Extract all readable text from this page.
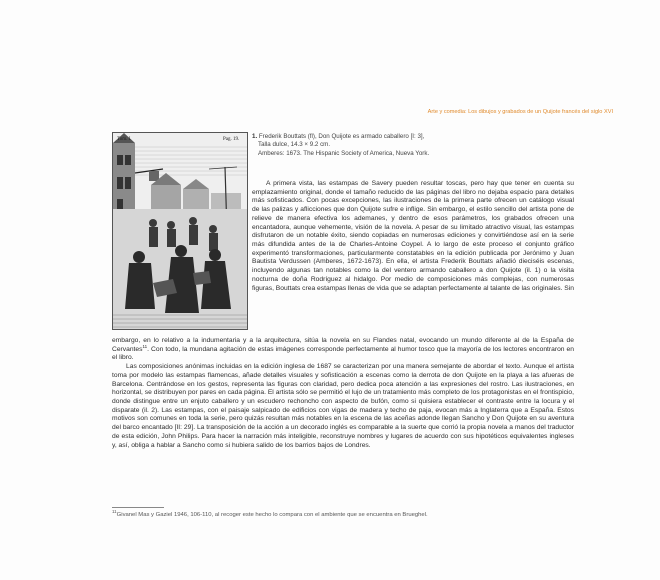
Arte y comedia: Los dibujos y grabados de un Quijote francés del siglo XVI
Tom. I.	Pag. 19. 1. Frederik Bouttats (fl), Don Quijote es armado caballero [I: 3],
Talla dulce, 14.3 × 9.2 cm.
Amberes: 1673. The Hispanic Society of America, Nueva York.

A primera vista, las estampas de Savery pueden resultar toscas, pero hay que tener en cuenta su emplazamiento original, donde el tamaño reducido de las páginas del libro no dejaba espacio para detalles más sofisticados. Con pocas excepciones, las ilustraciones de la primera parte ofrecen un catálogo visual de las palizas y aflicciones que don Quijote sufre e inflige. Sin embargo, el estilo sencillo del artista pone de relieve de manera efectiva los ademanes, y dentro de esos parámetros, los grabados ofrecen una encantadora, aunque vehemente, visión de la novela. A pesar de su limitado atractivo visual, las estampas disfrutaron de un notable éxito, siendo copiadas en numerosas ediciones y convirtiéndose así en la serie más difundida antes de la de Charles-Antoine Coypel. A lo largo de este proceso el conjunto gráfico experimentó transformaciones, particularmente constatables en la edición publicada por Jerónimo y Juan Bautista Verdussen (Amberes, 1672-1673). En ella, el artista Frederik Bouttats añadió dieciséis escenas, incluyendo algunas tan notables como la del ventero armando caballero a don Quijote (il. 1) o la visita nocturna de doña Rodríguez al hidalgo. Por medio de composiciones más complejas, con numerosas figuras, Bouttats crea estampas llenas de vida que se adaptan perfectamente al talante de las originales. Sin

embargo, en lo relativo a la indumentaria y a la arquitectura, sitúa la novela en su Flandes natal, evocando un mundo diferente al de la España de Cervantes$^{11}$. Con todo, la mundana agitación de estas imágenes corresponde perfectamente al humor tosco que la mayoría de los lectores encontraron en el libro.

Las composiciones anónimas incluidas en la edición inglesa de 1687 se caracterizan por una manera semejante de abordar el texto. Aunque el artista toma por modelo las estampas flamencas, añade detalles visuales y sofisticación a escenas como la derrota de don Quijote en la playa a las afueras de Barcelona. Centrándose en los gestos, representa las figuras con claridad, pero dedica poca atención a las expresiones del rostro. Las ilustraciones, en horizontal, se distribuyen por pares en cada página. El artista sólo se permitió el lujo de un tratamiento más completo de los protagonistas en el frontispicio, donde distingue entre un enjuto caballero y un escudero rechoncho con aspecto de bufón, como si quisiera establecer el contraste entre la locura y el disparate (il. 2). Las estampas, con el paisaje salpicado de edificios con vigas de madera y techo de paja, evocan más a Inglaterra que a España. Estos motivos son comunes en toda la serie, pero quizás resultan más notables en la escena de las aceñas adonde llegan Sancho y Don Quijote en su aventura del barco encantado [II: 29]. La transposición de la acción a un decorado inglés es comparable a la suerte que corrió la propia novela a manos del traductor de esta edición, John Philips. Para hacer la narración más inteligible, reconstruye nombres y lugares de acuerdo con sus hipotéticos equivalentes ingleses y, así, obliga a hablar a Sancho como si hubiera salido de los barrios bajos de Londres.

$^{11}$Givanel Mas y Gaziel 1946, 106-110, al recoger este hecho lo compara con el ambiente que se encuentra en Brueghel.
